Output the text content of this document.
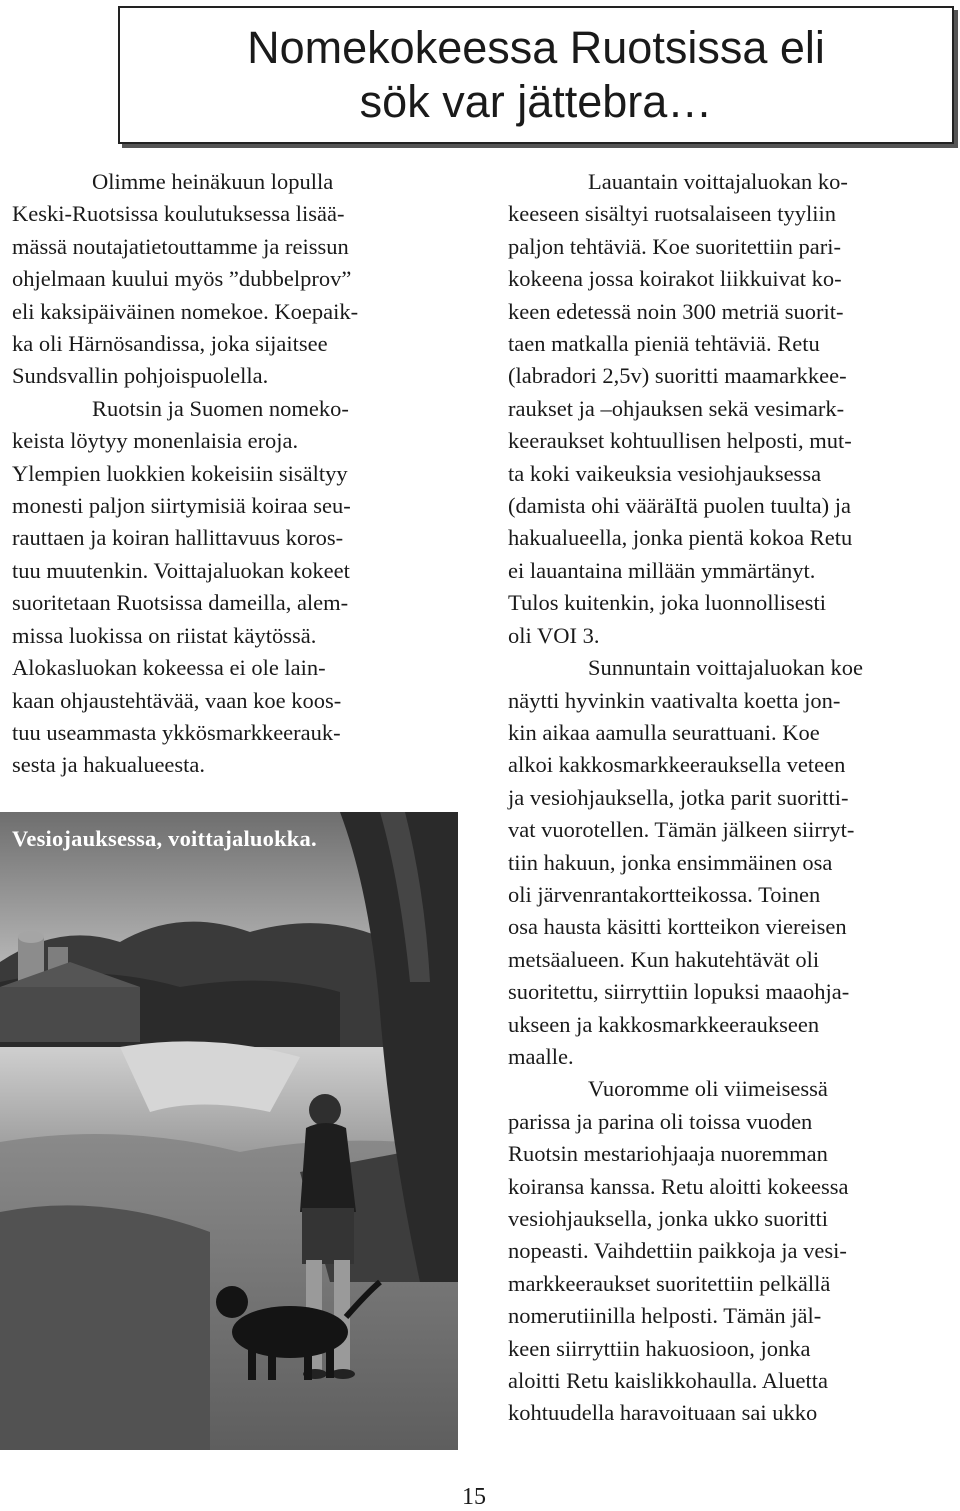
Nomekokeessa Ruotsissa eli
sök var jättebra…

Olimme heinäkuun lopulla
Keski-Ruotsissa koulutuksessa lisää-
mässä noutajatietouttamme ja reissun
ohjelmaan kuului myös ”dubbelprov”
eli kaksipäiväinen nomekoe. Koepaik-
ka oli Härnösandissa, joka sijaitsee
Sundsvallin pohjoispuolella.

Ruotsin ja Suomen nomeko-
keista löytyy monenlaisia eroja.
Ylempien luokkien kokeisiin sisältyy
monesti paljon siirtymisiä koiraa seu-
rauttaen ja koiran hallittavuus koros-
tuu muutenkin. Voittajaluokan kokeet
suoritetaan Ruotsissa dameilla, alem-
missa luokissa on riistat käytössä.
Alokasluokan kokeessa ei ole lain-
kaan ohjaustehtävää, vaan koe koos-
tuu useammasta ykkösmarkkeerauk-
sesta ja hakualueesta.

Vesiojauksessa, voittajaluokka.

Lauantain voittajaluokan ko-
keeseen sisältyi ruotsalaiseen tyyliin
paljon tehtäviä. Koe suoritettiin pari-
kokeena jossa koirakot liikkuivat ko-
keen edetessä noin 300 metriä suorit-
taen matkalla pieniä tehtäviä. Retu
(labradori 2,5v) suoritti maamarkkee-
raukset ja –ohjauksen sekä vesimark-
keeraukset kohtuullisen helposti, mut-
ta koki vaikeuksia vesiohjauksessa
(damista ohi vääräItä puolen tuulta) ja
hakualueella, jonka pientä kokoa Retu
ei lauantaina millään ymmärtänyt.
Tulos kuitenkin, joka luonnollisesti
oli VOI 3.

Sunnuntain voittajaluokan koe
näytti hyvinkin vaativalta koetta jon-
kin aikaa aamulla seurattuani. Koe
alkoi kakkosmarkkeerauksella veteen
ja vesiohjauksella, jotka parit suoritti-
vat vuorotellen. Tämän jälkeen siirryt-
tiin hakuun, jonka ensimmäinen osa
oli järvenrantakortteikossa. Toinen
osa hausta käsitti kortteikon viereisen
metsäalueen. Kun hakutehtävät oli
suoritettu, siirryttiin lopuksi maaohja-
ukseen ja kakkosmarkkeeraukseen
maalle.

Vuoromme oli viimeisessä
parissa ja parina oli toissa vuoden
Ruotsin mestariohjaaja nuoremman
koiransa kanssa. Retu aloitti kokeessa
vesiohjauksella, jonka ukko suoritti
nopeasti. Vaihdettiin paikkoja ja vesi-
markkeeraukset suoritettiin pelkällä
nomerutiinilla helposti. Tämän jäl-
keen siirryttiin hakuosioon, jonka
aloitti Retu kaislikkohaulla. Aluetta
kohtuudella haravoituaan sai ukko

15
